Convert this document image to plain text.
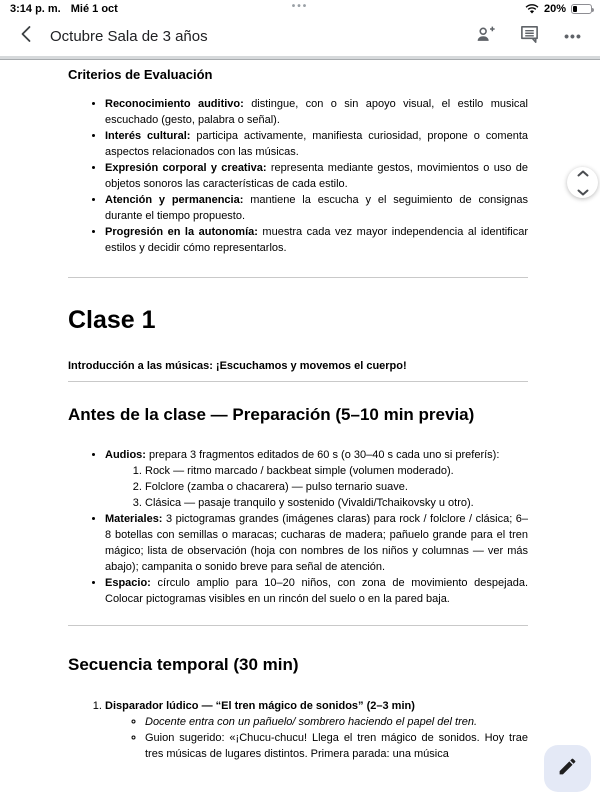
3:14 p. m. Mié 1 oct	•••	20%
Octubre Sala de 3 años	•••
Criterios de Evaluación
• Reconocimiento auditivo: distingue, con o sin apoyo visual, el estilo musical escuchado (gesto, palabra o señal).
• Interés cultural: participa activamente, manifiesta curiosidad, propone o comenta aspectos relacionados con las músicas.
• Expresión corporal y creativa: representa mediante gestos, movimientos o uso de objetos sonoros las características de cada estilo.
• Atención y permanencia: mantiene la escucha y el seguimiento de consignas durante el tiempo propuesto.
• Progresión en la autonomía: muestra cada vez mayor independencia al identificar estilos y decidir cómo representarlos.
Clase 1
Introducción a las músicas: ¡Escuchamos y movemos el cuerpo!
Antes de la clase — Preparación (5–10 min previa)
• Audios: prepara 3 fragmentos editados de 60 s (o 30–40 s cada uno si preferís):
1. Rock — ritmo marcado / backbeat simple (volumen moderado).
2. Folclore (zamba o chacarera) — pulso ternario suave.
3. Clásica — pasaje tranquilo y sostenido (Vivaldi/Tchaikovsky u otro).
• Materiales: 3 pictogramas grandes (imágenes claras) para rock / folclore / clásica; 6–8 botellas con semillas o maracas; cucharas de madera; pañuelo grande para el tren mágico; lista de observación (hoja con nombres de los niños y columnas — ver más abajo); campanita o sonido breve para señal de atención.
• Espacio: círculo amplio para 10–20 niños, con zona de movimiento despejada. Colocar pictogramas visibles en un rincón del suelo o en la pared baja.
Secuencia temporal (30 min)
1. Disparador lúdico — “El tren mágico de sonidos” (2–3 min)
◦ Docente entra con un pañuelo/ sombrero haciendo el papel del tren.
◦ Guion sugerido: «¡Chucu-chucu! Llega el tren mágico de sonidos. Hoy trae tres músicas de lugares distintos. Primera parada: una música
